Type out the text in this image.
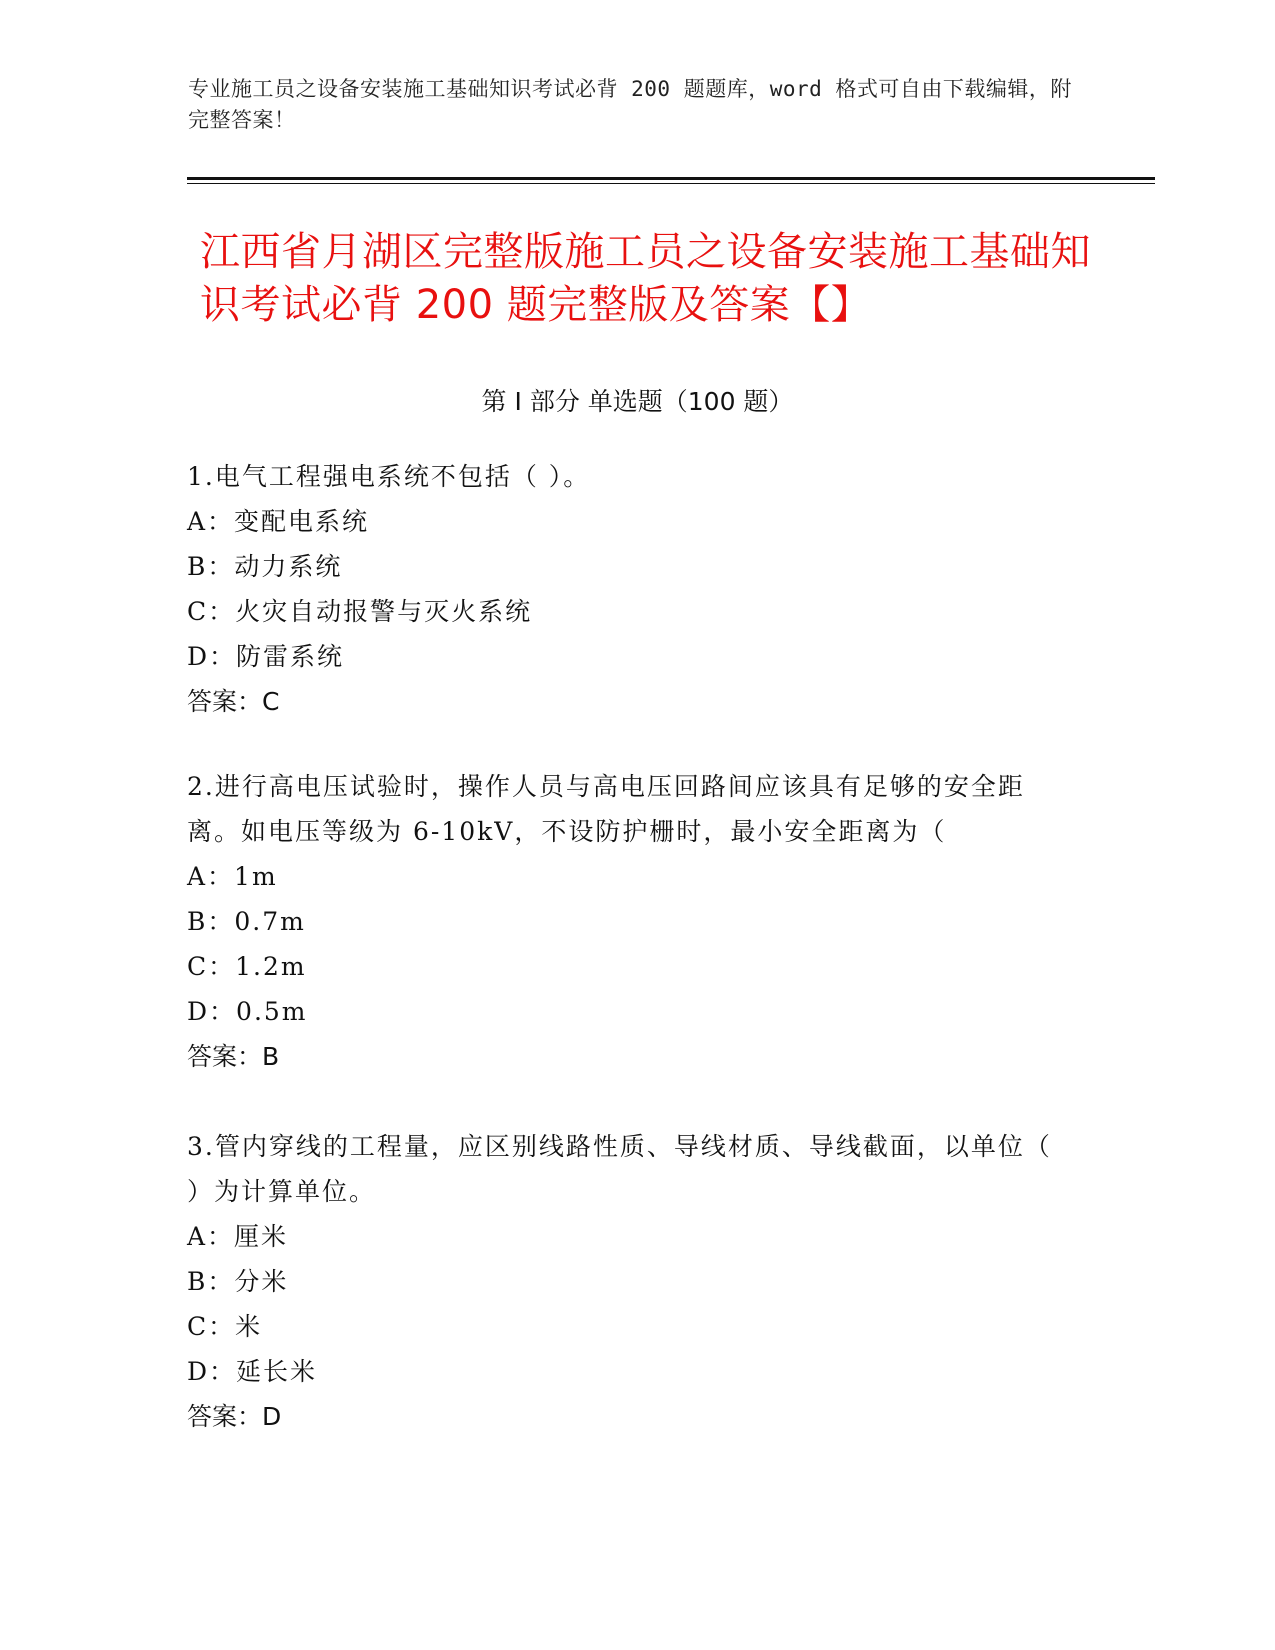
专业施工员之设备安装施工基础知识考试必背 200 题题库，word 格式可自由下载编辑，附完整答案！
江西省月湖区完整版施工员之设备安装施工基础知识考试必背 200 题完整版及答案【】
第 I 部分 单选题（100 题）
1.电气工程强电系统不包括（ ）。
A：变配电系统
B：动力系统
C：火灾自动报警与灭火系统
D：防雷系统
答案：C
2.进行高电压试验时，操作人员与高电压回路间应该具有足够的安全距离。如电压等级为 6-10kV，不设防护栅时，最小安全距离为（
A：1m
B：0.7m
C：1.2m
D：0.5m
答案：B
3.管内穿线的工程量，应区别线路性质、导线材质、导线截面，以单位（ ）为计算单位。
A：厘米
B：分米
C：米
D：延长米
答案：D
